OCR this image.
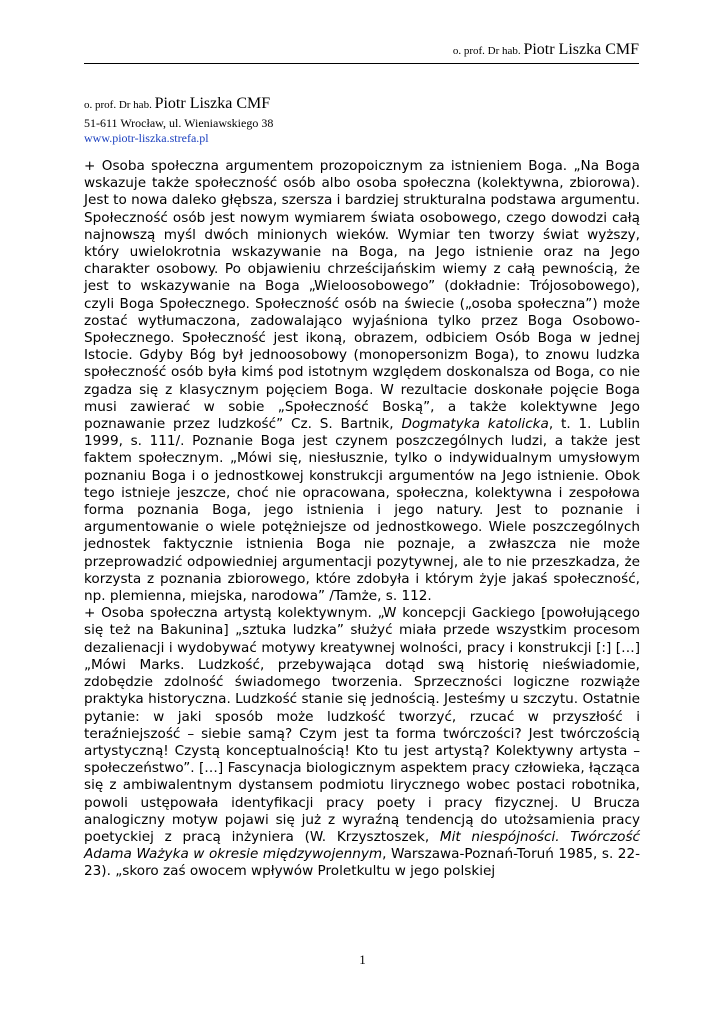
o. prof. Dr hab. Piotr Liszka CMF
o. prof. Dr hab. Piotr Liszka CMF
51-611 Wrocław, ul. Wieniawskiego 38
www.piotr-liszka.strefa.pl

+ Osoba społeczna argumentem prozopoicznym za istnieniem Boga. „Na Boga wskazuje także społeczność osób albo osoba społeczna (kolektywna, zbiorowa). Jest to nowa daleko głębsza, szersza i bardziej strukturalna podstawa argumentu. Społeczność osób jest nowym wymiarem świata osobowego, czego dowodzi całą najnowszą myśl dwóch minionych wieków. Wymiar ten tworzy świat wyższy, który uwielokrotnia wskazywanie na Boga, na Jego istnienie oraz na Jego charakter osobowy. Po objawieniu chrześcijańskim wiemy z całą pewnością, że jest to wskazywanie na Boga „Wieloosobowego” (dokładnie: Trójosobowego), czyli Boga Społecznego. Społeczność osób na świecie („osoba społeczna”) może zostać wytłumaczona, zadowalająco wyjaśniona tylko przez Boga Osobowo-Społecznego. Społeczność jest ikoną, obrazem, odbiciem Osób Boga w jednej Istocie. Gdyby Bóg był jednoosobowy (monopersonizm Boga), to znowu ludzka społeczność osób była kimś pod istotnym względem doskonalsza od Boga, co nie zgadza się z klasycznym pojęciem Boga. W rezultacie doskonałe pojęcie Boga musi zawierać w sobie „Społeczność Boską”, a także kolektywne Jego poznawanie przez ludzkość” Cz. S. Bartnik, Dogmatyka katolicka, t. 1. Lublin 1999, s. 111/. Poznanie Boga jest czynem poszczególnych ludzi, a także jest faktem społecznym. „Mówi się, niesłusznie, tylko o indywidualnym umysłowym poznaniu Boga i o jednostkowej konstrukcji argumentów na Jego istnienie. Obok tego istnieje jeszcze, choć nie opracowana, społeczna, kolektywna i zespołowa forma poznania Boga, jego istnienia i jego natury. Jest to poznanie i argumentowanie o wiele potężniejsze od jednostkowego. Wiele poszczególnych jednostek faktycznie istnienia Boga nie poznaje, a zwłaszcza nie może przeprowadzić odpowiedniej argumentacji pozytywnej, ale to nie przeszkadza, że korzysta z poznania zbiorowego, które zdobyła i którym żyje jakaś społeczność, np. plemienna, miejska, narodowa” /Tamże, s. 112.

+ Osoba społeczna artystą kolektywnym. „W koncepcji Gackiego [powołującego się też na Bakunina] „sztuka ludzka” służyć miała przede wszystkim procesom dezalienacji i wydobywać motywy kreatywnej wolności, pracy i konstrukcji [:] […] „Mówi Marks. Ludzkość, przebywająca dotąd swą historię nieświadomie, zdobędzie zdolność świadomego tworzenia. Sprzeczności logiczne rozwiąże praktyka historyczna. Ludzkość stanie się jednością. Jesteśmy u szczytu. Ostatnie pytanie: w jaki sposób może ludzkość tworzyć, rzucać w przyszłość i teraźniejszość – siebie samą? Czym jest ta forma twórczości? Jest twórczością artystyczną! Czystą konceptualnością! Kto tu jest artystą? Kolektywny artysta – społeczeństwo”. […] Fascynacja biologicznym aspektem pracy człowieka, łącząca się z ambiwalentnym dystansem podmiotu lirycznego wobec postaci robotnika, powoli ustępowała identyfikacji pracy poety i pracy fizycznej. U Brucza analogiczny motyw pojawi się już z wyraźną tendencją do utożsamienia pracy poetyckiej z pracą inżyniera (W. Krzysztoszek, Mit niespójności. Twórczość Adama Ważyka w okresie międzywojennym, Warszawa-Poznań-Toruń 1985, s. 22-23). „skoro zaś owocem wpływów Proletkultu w jego polskiej

1
